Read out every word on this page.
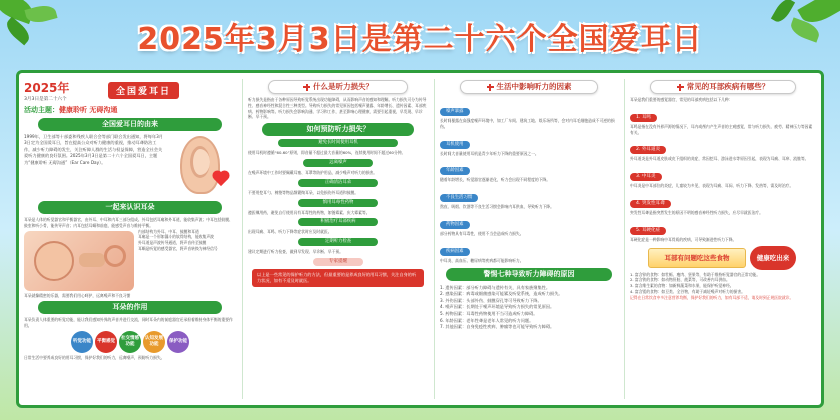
2025年3月3日是第二十六个全国爱耳日
2025年
3月3日是第二十六个
全国爱耳日
活动主题： 健康聆听 无碍沟通
全国爱耳日的由来
1999年，卫生部等十部委和残疾人联合会等部门联合发出通知，将每年3月3日定为全国爱耳日，旨在提高公众对听力健康的重视，推动耳聋防治工作，减少听力障碍的发生，关注听障人群的生活与权益保障，营造全社会关爱听力健康的良好氛围。2025年3月3日是第二十六个全国爱耳日，主题为“健康聆听 无碍沟通”（Ear Care Day）。
一起来认识耳朵
耳朵是人体的听觉器官和平衡器官，由外耳、中耳和内耳三部分组成。外耳包括耳廓和外耳道，能收集声波；中耳包括鼓膜、鼓室和听小骨，能传导声音；内耳包括耳蜗和前庭，能感受声音与维持平衡。
内部结构为外耳、中耳、鼓膜和耳道
耳廓是一个形如漏斗的软骨结构，能收集声波
外耳道是声波传导通道，将声音传至鼓膜
耳蜗是听觉的感受器官，将声音转换为神经信号
耳朵就像精密的乐器，需要我们用心呵护，远离噪声和不良习惯
耳朵的作用
耳朵负责人体重要的听觉功能，能让我们感知外界的声音并进行交流，同时耳朵内的前庭器官还承担着维持身体平衡的重要作用。
听觉功能	平衡感觉
社交情感功能
认知发展功能
保护功能
日常生活中要养成良好的用耳习惯，保护好我们的听力，远离噪声，预防听力损失。
什么是听力损失？
听力损失是指由于各种原因导致听觉系统出现功能障碍，从而影响声音的感知和理解。听力损失可分为传导性、感音神经性和混合性三种类型。导致听力损失的常见原因包括噪声暴露、年龄增长、遗传因素、耳部疾病、药物影响等。听力损失会影响沟通、学习和工作，甚至影响心理健康，需要引起重视，早发现、早诊断、早干预。
如何预防听力损失？
避免长时间使用耳机
使用耳机时遵循“60-60”原则，即音量不超过最大音量的60%，连续使用时间不超过60分钟。
远离噪声
在噪声环境中工作时要佩戴耳塞、耳罩等防护用品，减少噪声对听力的损害。
正确清洁耳朵
不要用挖耳勺、棉签等物品频繁掏耳朵，以免损伤外耳道和鼓膜。
慎用耳毒性药物
遵医嘱用药，避免自行使用具有耳毒性的药物，如链霉素、庆大霉素等。
积极治疗耳部疾病
出现耳痛、耳鸣、听力下降等症状时应及时就医。
定期听力检查
建议定期进行听力检查，做到早发现、早诊断、早干预。
专家提醒
以上是一些常见的保护听力的方法，但最重要的是养成良好的用耳习惯，关注自身的听力状况，如有不适及时就医。
生活中影响听力的因素
噪声暴露
长时间暴露在高强度噪声环境中，如工厂车间、建筑工地、娱乐场所等，会对内耳毛细胞造成不可逆的损伤。
耳机使用
长时间大音量使用耳机是青少年听力下降的重要原因之一。
年龄因素
随着年龄增长，听觉器官逐渐老化，听力会出现不同程度的下降。
不良生活习惯
熬夜、吸烟、饮酒等不良生活习惯会影响内耳供血，导致听力下降。
药物因素
部分药物具有耳毒性，使用不当会造成听力损失。
疾病因素
中耳炎、高血压、糖尿病等疾病都可能影响听力。
警惕七种导致听力障碍的原因
1. 遗传因素：部分听力障碍与遗传有关，具有家族聚集性。
2. 感染因素：病毒或细菌感染可能累及听觉系统，造成听力损失。
3. 外伤因素：头部外伤、鼓膜穿孔等可导致听力下降。
4. 噪声因素：长期处于噪声环境是导致听力损失的常见原因。
5. 药物因素：耳毒性药物使用不当可造成听力障碍。
6. 年龄因素：老年性聋是老年人常见的听力问题。
7. 其他因素：自身免疫性疾病、肿瘤等也可能导致听力障碍。
常见的耳部疾病有哪些？
耳朵是我们重要的感觉器官，常见的耳部疾病包括以下几种：
1. 耳鸣
耳鸣是指在没有外界声源的情况下，耳内或颅内产生声音的主观感觉，常与听力损失、疲劳、精神压力等因素有关。
2. 外耳道炎
外耳道炎是外耳道皮肤或皮下组织的炎症，常因挖耳、游泳进水等原因引起，表现为耳痛、耳痒、流脓等。
3. 中耳炎
中耳炎是中耳部位的炎症，儿童较为多见，表现为耳痛、耳闷、听力下降、发热等，需及时治疗。
4. 突发性耳聋
突发性耳聋是指突然发生的原因不明的感音神经性听力损失，应尽早就医治疗。
5. 耳硬化症
耳硬化症是一种影响中耳骨质的疾病，可导致渐进性听力下降。
耳部有问题吃这些食物	健康吃出来
1. 富含锌的食物：如牡蛎、瘦肉、坚果等，有助于维持听觉器官的正常功能。
2. 富含铁的食物：如动物肝脏、菠菜等，可改善内耳供血。
3. 富含维生素的食物：如新鲜蔬菜和水果，能保护听觉神经。
4. 富含镁的食物：如豆类、全谷物，有助于减轻噪声对听力的损害。
记得在日常饮食中多注意营养均衡，保护好我们的听力，如有耳部不适，请及时到正规医院就诊。
